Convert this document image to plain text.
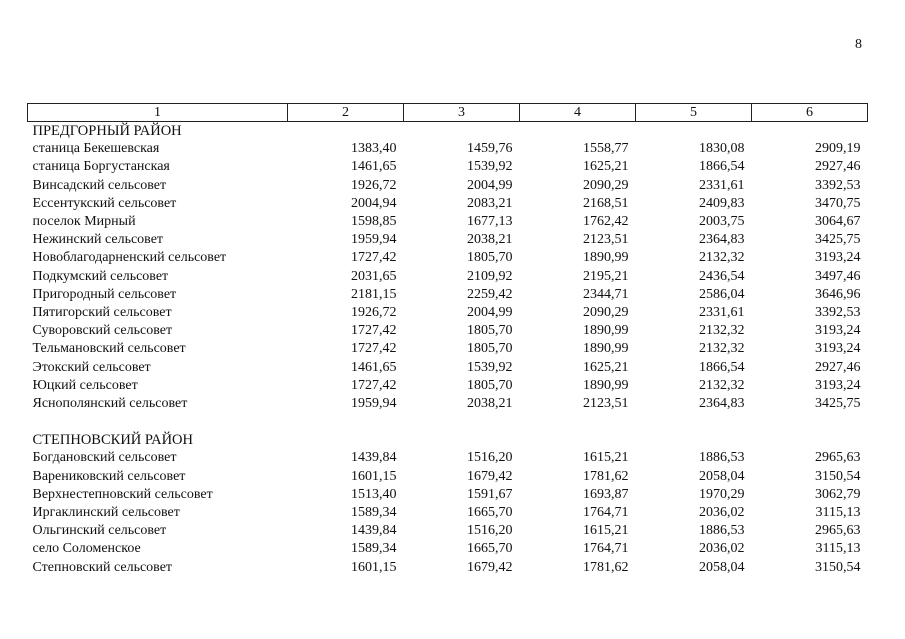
8
1	2	3	4	5	6
ПРЕДГОРНЫЙ РАЙОН					
станица Бекешевская	1383,40	1459,76	1558,77	1830,08	2909,19
станица Боргустанская	1461,65	1539,92	1625,21	1866,54	2927,46
Винсадский сельсовет	1926,72	2004,99	2090,29	2331,61	3392,53
Ессентукский сельсовет	2004,94	2083,21	2168,51	2409,83	3470,75
поселок Мирный	1598,85	1677,13	1762,42	2003,75	3064,67
Нежинский сельсовет	1959,94	2038,21	2123,51	2364,83	3425,75
Новоблагодарненский сельсовет	1727,42	1805,70	1890,99	2132,32	3193,24
Подкумский сельсовет	2031,65	2109,92	2195,21	2436,54	3497,46
Пригородный сельсовет	2181,15	2259,42	2344,71	2586,04	3646,96
Пятигорский сельсовет	1926,72	2004,99	2090,29	2331,61	3392,53
Суворовский сельсовет	1727,42	1805,70	1890,99	2132,32	3193,24
Тельмановский сельсовет	1727,42	1805,70	1890,99	2132,32	3193,24
Этокский сельсовет	1461,65	1539,92	1625,21	1866,54	2927,46
Юцкий сельсовет	1727,42	1805,70	1890,99	2132,32	3193,24
Яснополянский сельсовет	1959,94	2038,21	2123,51	2364,83	3425,75

СТЕПНОВСКИЙ РАЙОН					
Богдановский сельсовет	1439,84	1516,20	1615,21	1886,53	2965,63
Варениковский сельсовет	1601,15	1679,42	1781,62	2058,04	3150,54
Верхнестепновский сельсовет	1513,40	1591,67	1693,87	1970,29	3062,79
Иргаклинский сельсовет	1589,34	1665,70	1764,71	2036,02	3115,13
Ольгинский сельсовет	1439,84	1516,20	1615,21	1886,53	2965,63
село Соломенское	1589,34	1665,70	1764,71	2036,02	3115,13
Степновский сельсовет	1601,15	1679,42	1781,62	2058,04	3150,54
